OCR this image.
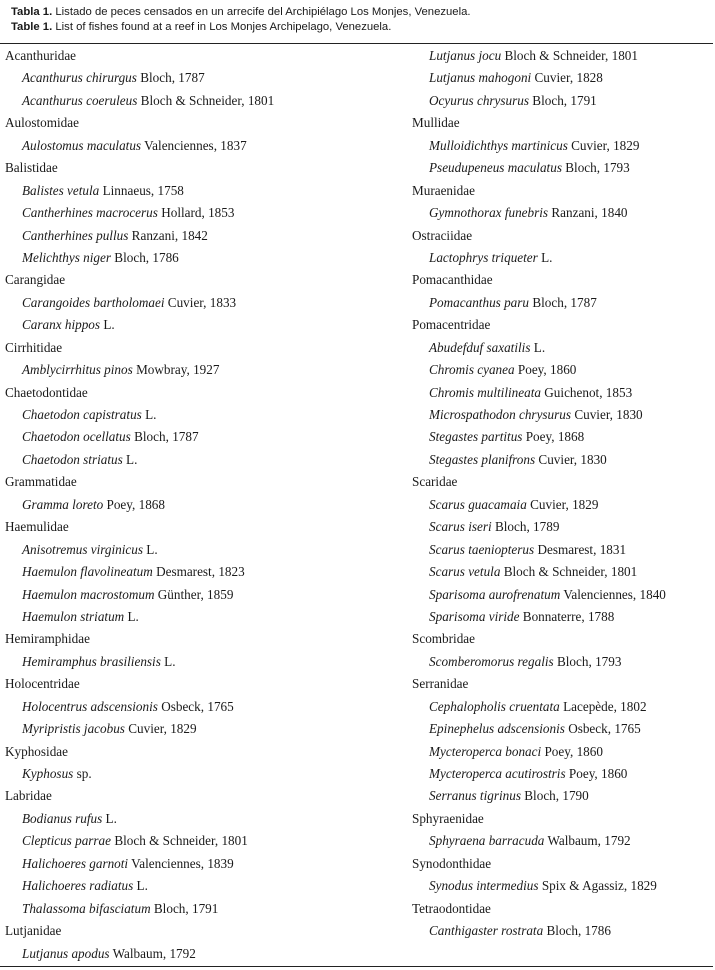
Tabla 1. Listado de peces censados en un arrecife del Archipiélago Los Monjes, Venezuela.
Table 1. List of fishes found at a reef in Los Monjes Archipelago, Venezuela.
Acanthuridae
Acanthurus chirurgus Bloch, 1787
Acanthurus coeruleus Bloch & Schneider, 1801
Aulostomidae
Aulostomus maculatus Valenciennes, 1837
Balistidae
Balistes vetula Linnaeus, 1758
Cantherhines macrocerus Hollard, 1853
Cantherhines pullus Ranzani, 1842
Melichthys niger Bloch, 1786
Carangidae
Carangoides bartholomaei Cuvier, 1833
Caranx hippos L.
Cirrhitidae
Amblycirrhitus pinos Mowbray, 1927
Chaetodontidae
Chaetodon capistratus L.
Chaetodon ocellatus Bloch, 1787
Chaetodon striatus L.
Grammatidae
Gramma loreto Poey, 1868
Haemulidae
Anisotremus virginicus L.
Haemulon flavolineatum Desmarest, 1823
Haemulon macrostomum Günther, 1859
Haemulon striatum L.
Hemiramphidae
Hemiramphus brasiliensis L.
Holocentridae
Holocentrus adscensionis Osbeck, 1765
Myripristis jacobus Cuvier, 1829
Kyphosidae
Kyphosus sp.
Labridae
Bodianus rufus L.
Clepticus parrae Bloch & Schneider, 1801
Halichoeres garnoti Valenciennes, 1839
Halichoeres radiatus L.
Thalassoma bifasciatum Bloch, 1791
Lutjanidae
Lutjanus apodus Walbaum, 1792
Lutjanus jocu Bloch & Schneider, 1801
Lutjanus mahogoni Cuvier, 1828
Ocyurus chrysurus Bloch, 1791
Mullidae
Mulloidichthys martinicus Cuvier, 1829
Pseudupeneus maculatus Bloch, 1793
Muraenidae
Gymnothorax funebris Ranzani, 1840
Ostraciidae
Lactophrys triqueter L.
Pomacanthidae
Pomacanthus paru Bloch, 1787
Pomacentridae
Abudefduf saxatilis L.
Chromis cyanea Poey, 1860
Chromis multilineata Guichenot, 1853
Microspathodon chrysurus Cuvier, 1830
Stegastes partitus Poey, 1868
Stegastes planifrons Cuvier, 1830
Scaridae
Scarus guacamaia Cuvier, 1829
Scarus iseri Bloch, 1789
Scarus taeniopterus Desmarest, 1831
Scarus vetula Bloch & Schneider, 1801
Sparisoma aurofrenatum Valenciennes, 1840
Sparisoma viride Bonnaterre, 1788
Scombridae
Scomberomorus regalis Bloch, 1793
Serranidae
Cephalopholis cruentata Lacepède, 1802
Epinephelus adscensionis Osbeck, 1765
Mycteroperca bonaci Poey, 1860
Mycteroperca acutirostris Poey, 1860
Serranus tigrinus Bloch, 1790
Sphyraenidae
Sphyraena barracuda Walbaum, 1792
Synodonthidae
Synodus intermedius Spix & Agassiz, 1829
Tetraodontidae
Canthigaster rostrata Bloch, 1786
